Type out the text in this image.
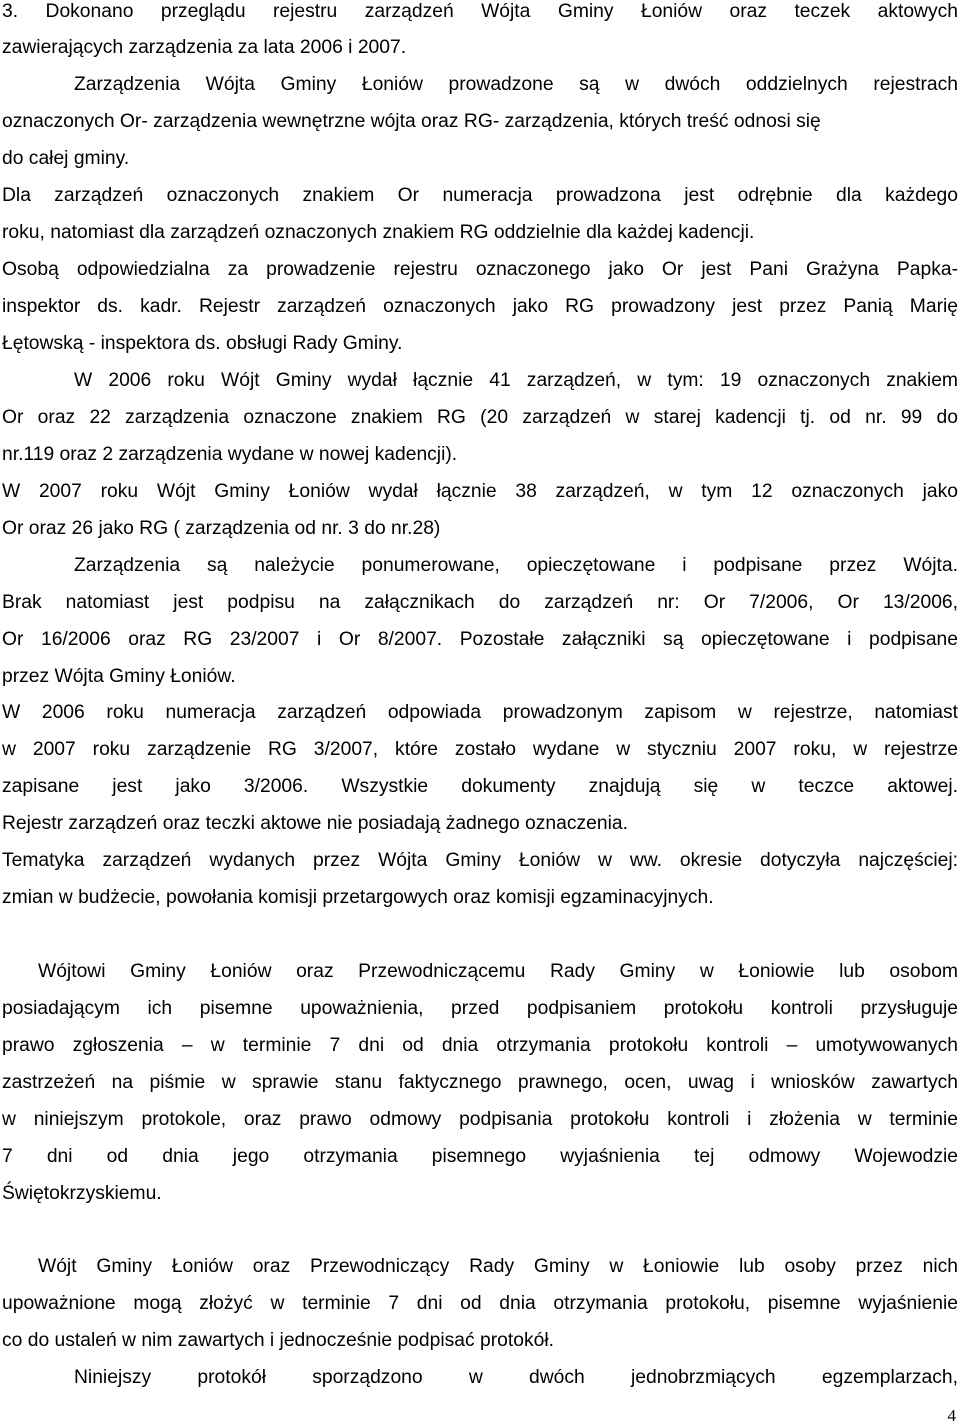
3. Dokonano przeglądu rejestru zarządzeń Wójta Gminy Łoniów oraz teczek aktowych
zawierających zarządzenia za lata 2006 i 2007.
Zarządzenia Wójta Gminy Łoniów prowadzone są w dwóch oddzielnych rejestrach
oznaczonych Or- zarządzenia wewnętrzne wójta oraz RG- zarządzenia, których treść odnosi się
do całej gminy.
Dla zarządzeń oznaczonych znakiem Or numeracja prowadzona jest odrębnie dla każdego
roku, natomiast dla zarządzeń oznaczonych znakiem RG oddzielnie dla każdej kadencji.
Osobą odpowiedzialna za prowadzenie rejestru oznaczonego jako Or jest Pani Grażyna Papka-
inspektor ds. kadr. Rejestr zarządzeń oznaczonych jako RG prowadzony jest przez Panią Marię
Łętowską - inspektora ds. obsługi Rady Gminy.
W 2006 roku Wójt Gminy wydał łącznie 41 zarządzeń, w tym: 19 oznaczonych znakiem
Or oraz 22 zarządzenia oznaczone znakiem RG (20 zarządzeń w starej kadencji tj. od nr. 99 do
nr.119 oraz 2 zarządzenia wydane w nowej kadencji).
W 2007 roku Wójt Gminy Łoniów wydał łącznie 38 zarządzeń, w tym 12 oznaczonych jako
Or oraz 26 jako RG ( zarządzenia od nr. 3 do nr.28)
Zarządzenia są należycie ponumerowane, opieczętowane i podpisane przez Wójta.
Brak natomiast jest podpisu na załącznikach do zarządzeń nr: Or 7/2006, Or 13/2006,
Or 16/2006 oraz RG 23/2007 i Or 8/2007. Pozostałe załączniki są opieczętowane i podpisane
przez Wójta Gminy Łoniów.
W 2006 roku numeracja zarządzeń odpowiada prowadzonym zapisom w rejestrze, natomiast
w 2007 roku zarządzenie RG 3/2007, które zostało wydane w styczniu 2007 roku, w rejestrze
zapisane jest jako 3/2006. Wszystkie dokumenty znajdują się w teczce aktowej.
Rejestr zarządzeń oraz teczki aktowe nie posiadają żadnego oznaczenia.
Tematyka zarządzeń wydanych przez Wójta Gminy Łoniów w ww. okresie dotyczyła najczęściej:
zmian w budżecie, powołania komisji przetargowych oraz komisji egzaminacyjnych.
Wójtowi Gminy Łoniów oraz Przewodniczącemu Rady Gminy w Łoniowie lub osobom
posiadającym ich pisemne upoważnienia, przed podpisaniem protokołu kontroli przysługuje
prawo zgłoszenia – w terminie 7 dni od dnia otrzymania protokołu kontroli – umotywowanych
zastrzeżeń na piśmie w sprawie stanu faktycznego prawnego, ocen, uwag i wniosków zawartych
w niniejszym protokole, oraz prawo odmowy podpisania protokołu kontroli i złożenia w terminie
7 dni od dnia jego otrzymania pisemnego wyjaśnienia tej odmowy Wojewodzie
Świętokrzyskiemu.
Wójt Gminy Łoniów oraz Przewodniczący Rady Gminy w Łoniowie lub osoby przez nich
upoważnione mogą złożyć w terminie 7 dni od dnia otrzymania protokołu, pisemne wyjaśnienie
co do ustaleń w nim zawartych i jednocześnie podpisać protokół.
Niniejszy protokół sporządzono w dwóch jednobrzmiących egzemplarzach,
4
